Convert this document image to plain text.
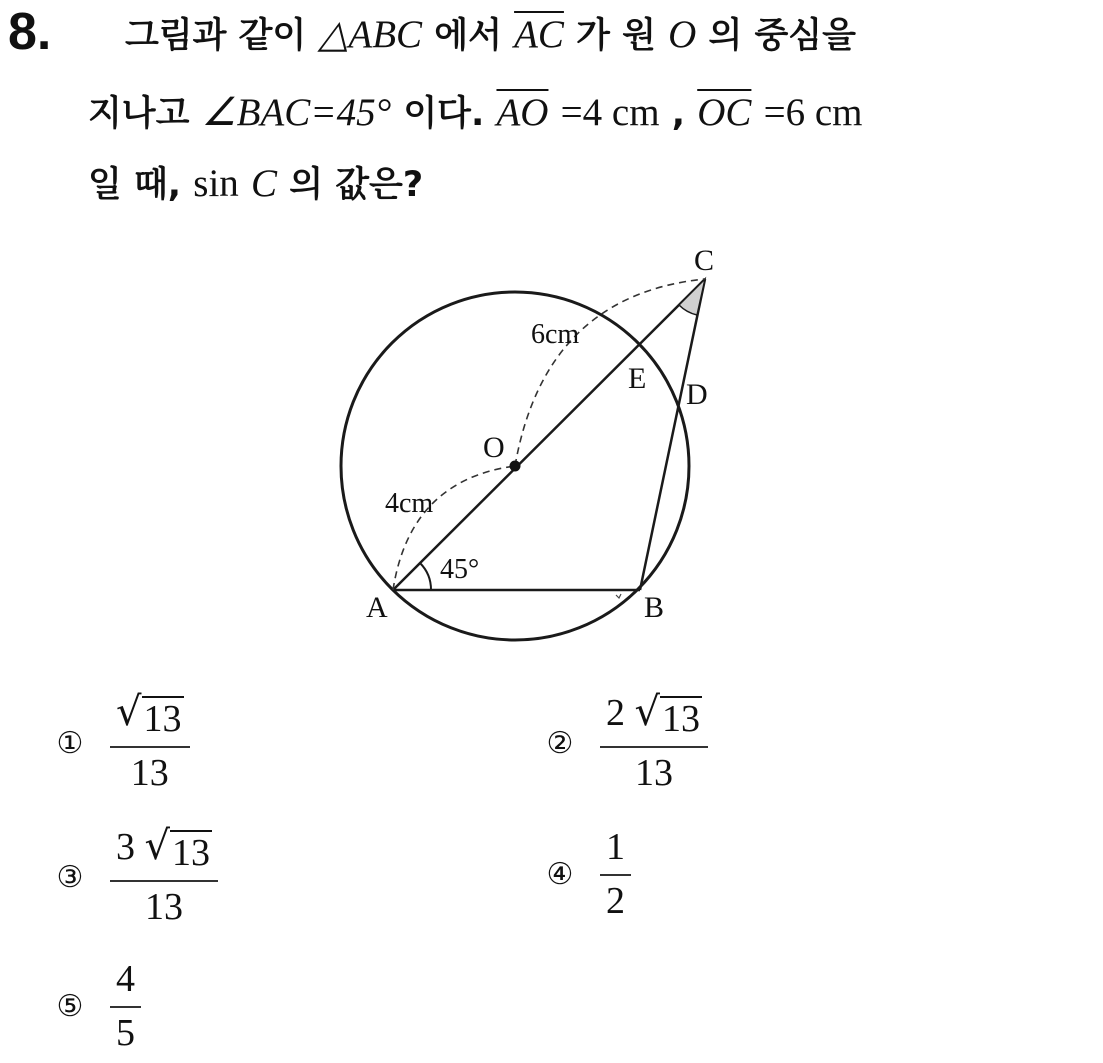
8. 그림과 같이 △ABC 에서 $\overline{AC}$ 가 원 O 의 중심을
지나고 ∠BAC=45° 이다. $\overline{AO} =4$ cm , $\overline{OC} =6$ cm
일 때, sin C 의 값은?
C
E D
O
A	B
6cm
4cm
45°
① $\frac{√ 13}{13}$	② $\frac{2 √ 13}{13}$
③ $\frac{3 √ 13}{13}$	④ $\frac{1}{2}$
⑤ $\frac{4}{5}$
